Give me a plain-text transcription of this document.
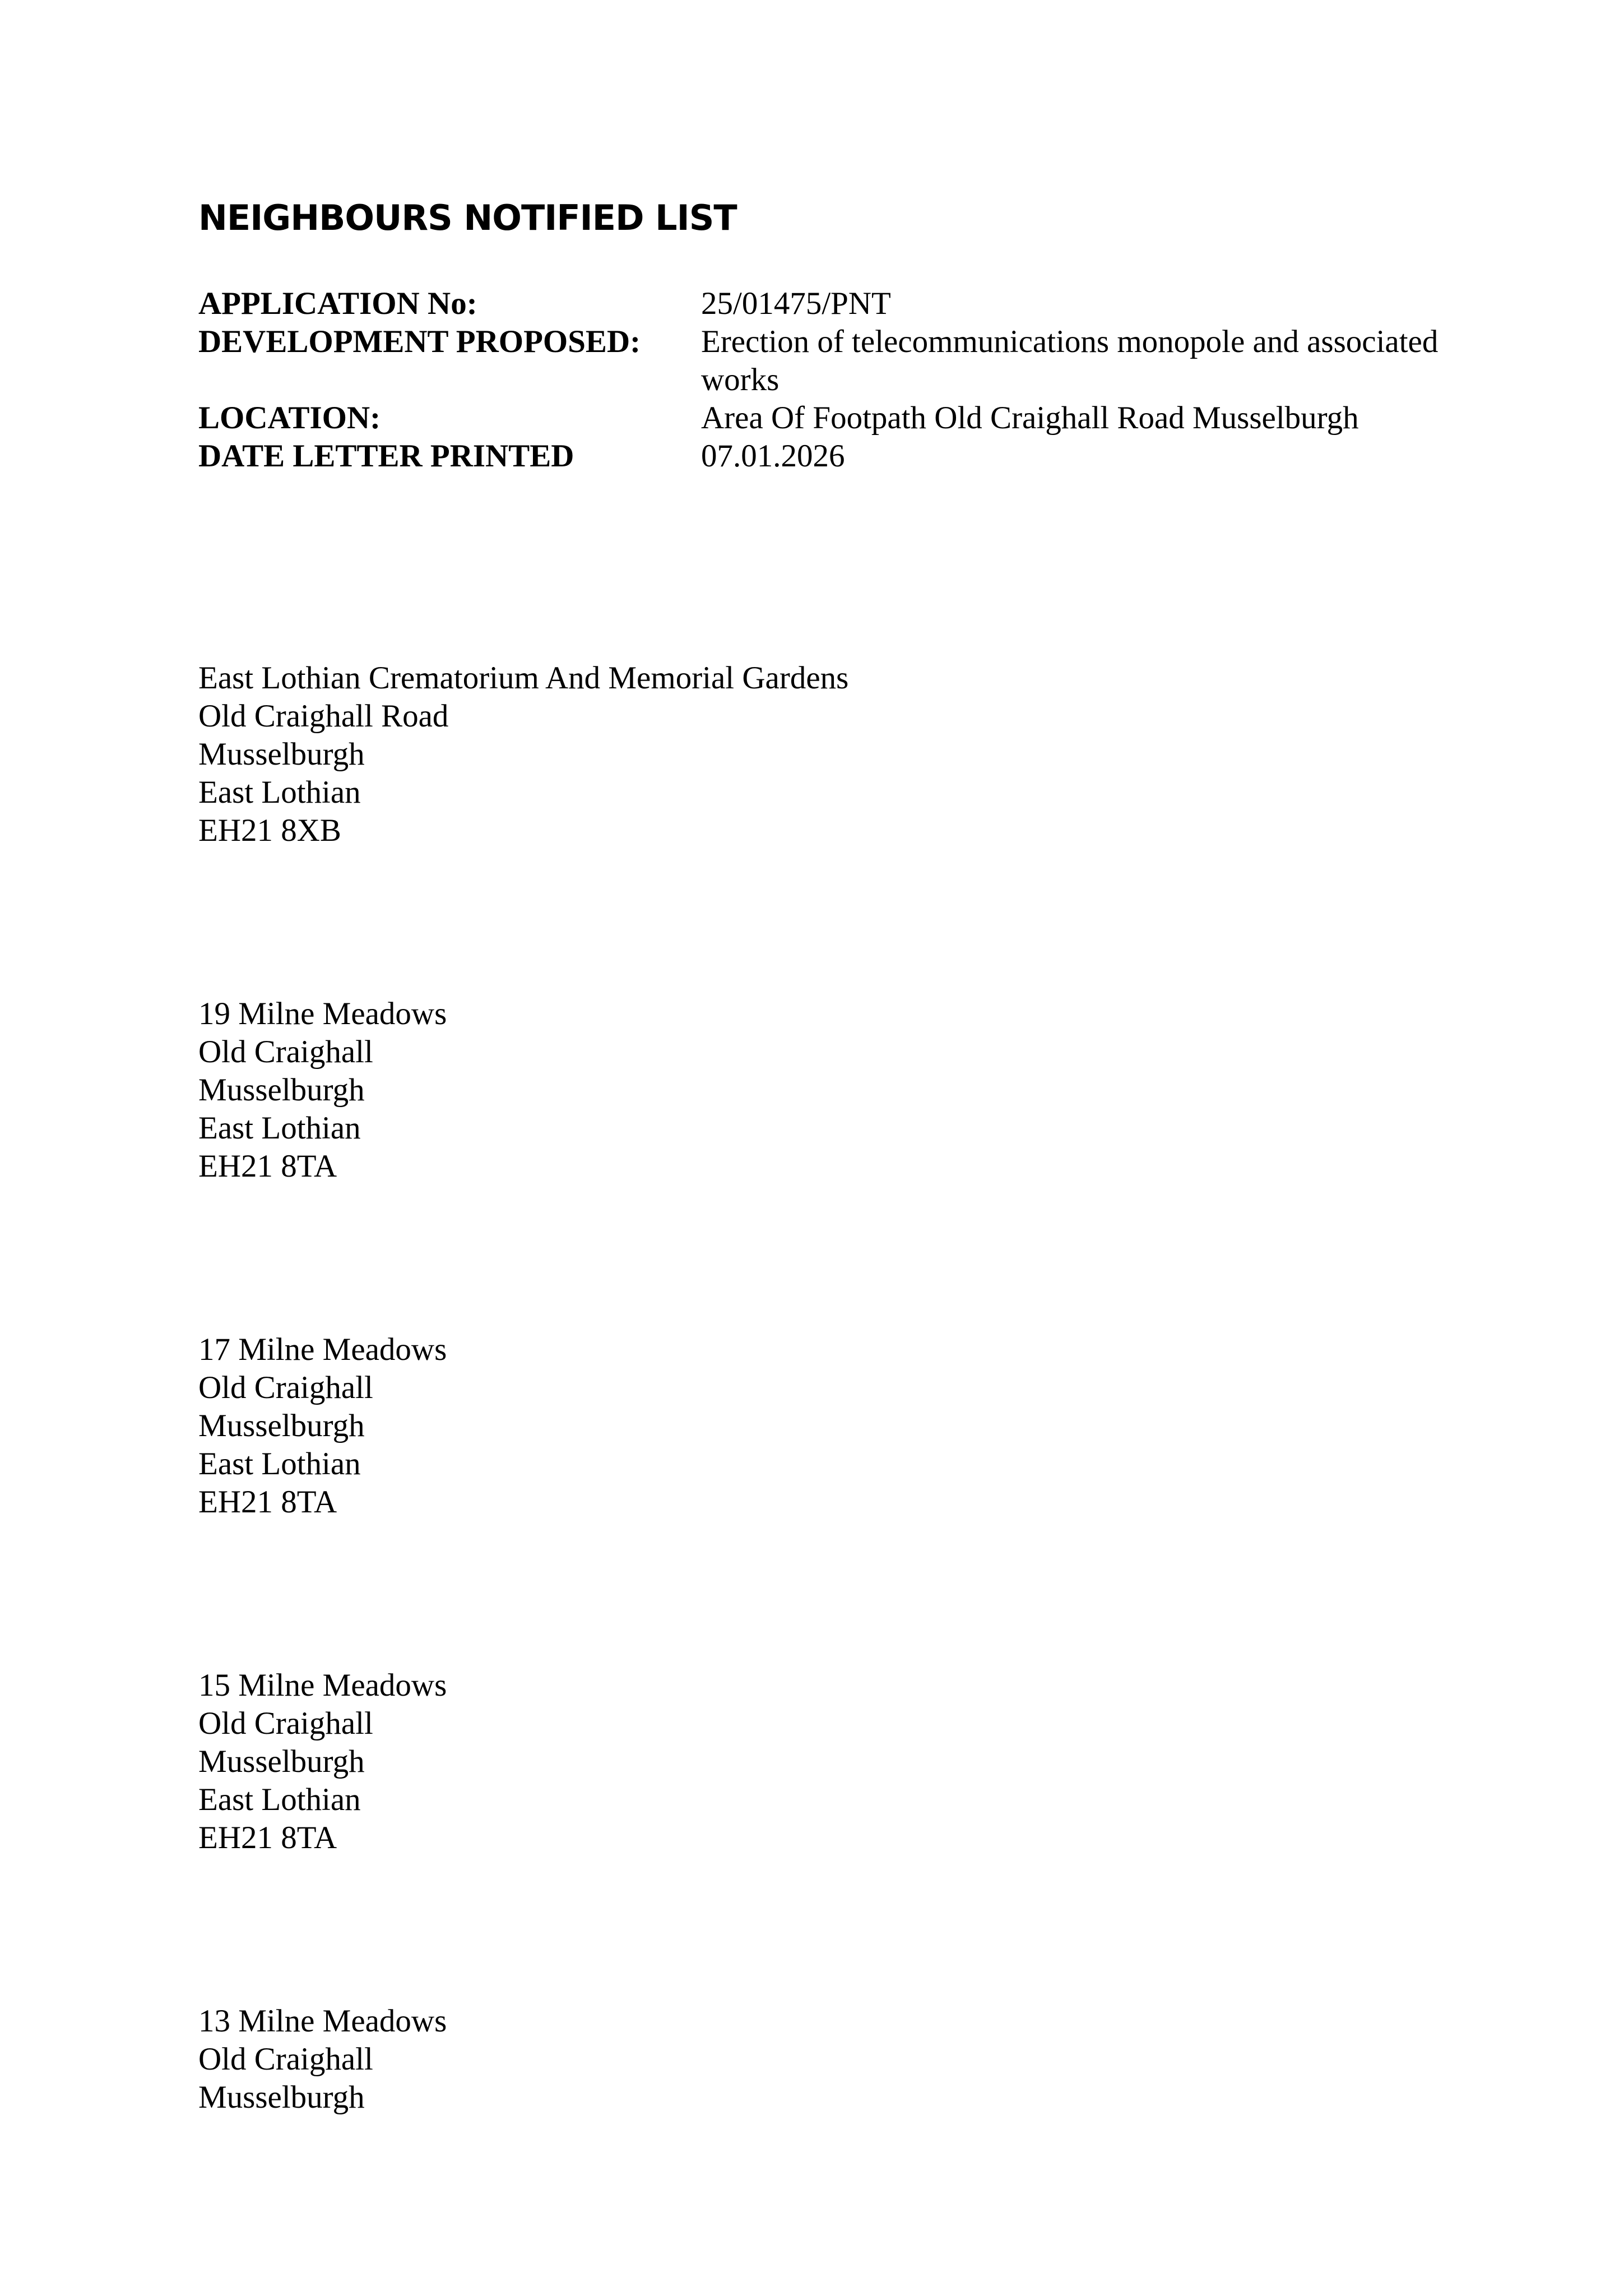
NEIGHBOURS NOTIFIED LIST
APPLICATION No:	25/01475/PNT
DEVELOPMENT PROPOSED:	Erection of telecommunications monopole and associated works
LOCATION:	Area Of Footpath Old Craighall Road Musselburgh
DATE LETTER PRINTED	07.01.2026
East Lothian Crematorium And Memorial Gardens
Old Craighall Road
Musselburgh
East Lothian
EH21 8XB
19 Milne Meadows
Old Craighall
Musselburgh
East Lothian
EH21 8TA
17 Milne Meadows
Old Craighall
Musselburgh
East Lothian
EH21 8TA
15 Milne Meadows
Old Craighall
Musselburgh
East Lothian
EH21 8TA
13 Milne Meadows
Old Craighall
Musselburgh
